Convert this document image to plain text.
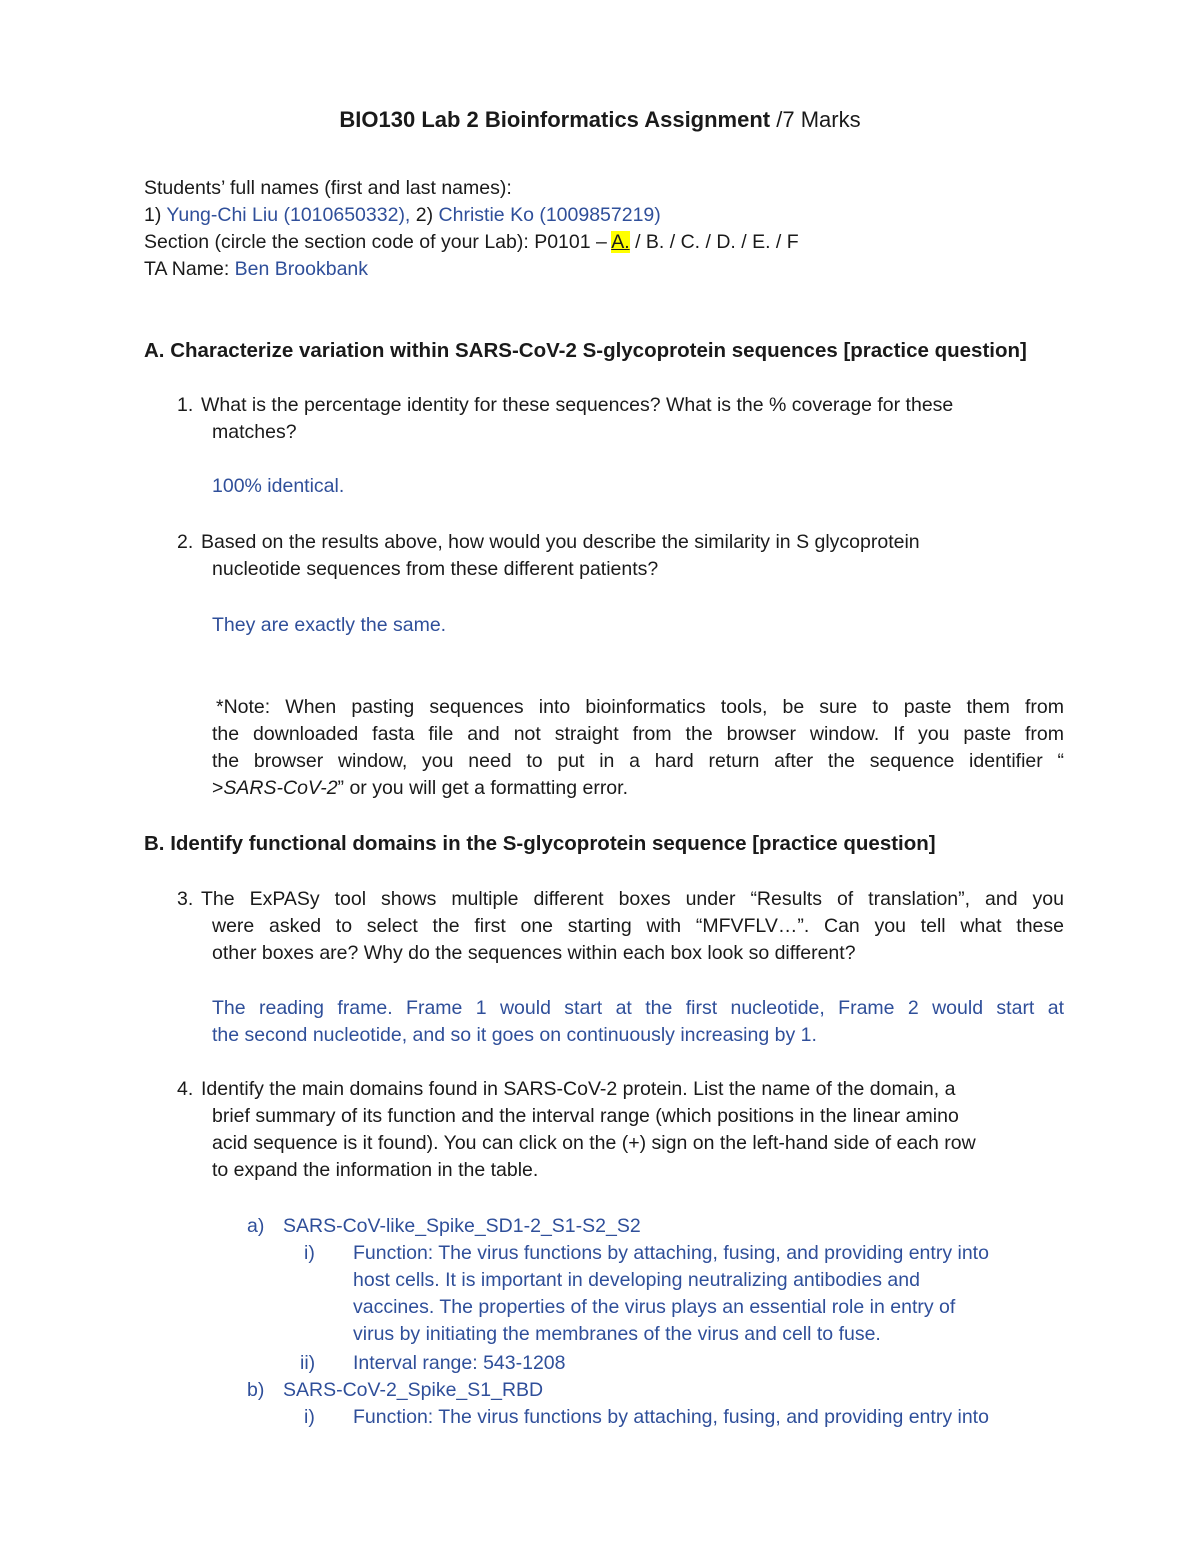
BIO130 Lab 2 Bioinformatics Assignment /7 Marks
Students’ full names (first and last names):
1) Yung-Chi Liu (1010650332), 2) Christie Ko (1009857219)
Section (circle the section code of your Lab): P0101 – A. / B. / C. / D. / E. / F
TA Name: Ben Brookbank
A. Characterize variation within SARS-CoV-2 S-glycoprotein sequences [practice question]
1. What is the percentage identity for these sequences? What is the % coverage for these
matches?
100% identical.
2. Based on the results above, how would you describe the similarity in S glycoprotein
nucleotide sequences from these different patients?
They are exactly the same.
*Note: When pasting sequences into bioinformatics tools, be sure to paste them from
the downloaded fasta file and not straight from the browser window. If you paste from
the browser window, you need to put in a hard return after the sequence identifier “
>SARS-CoV-2” or you will get a formatting error.
B. Identify functional domains in the S-glycoprotein sequence [practice question]
3. The ExPASy tool shows multiple different boxes under “Results of translation”, and you
were asked to select the first one starting with “MFVFLV…”. Can you tell what these
other boxes are? Why do the sequences within each box look so different?
The reading frame. Frame 1 would start at the first nucleotide, Frame 2 would start at
the second nucleotide, and so it goes on continuously increasing by 1.
4. Identify the main domains found in SARS-CoV-2 protein. List the name of the domain, a
brief summary of its function and the interval range (which positions in the linear amino
acid sequence is it found). You can click on the (+) sign on the left-hand side of each row
to expand the information in the table.
a) SARS-CoV-like_Spike_SD1-2_S1-S2_S2
i) Function: The virus functions by attaching, fusing, and providing entry into
host cells. It is important in developing neutralizing antibodies and
vaccines. The properties of the virus plays an essential role in entry of
virus by initiating the membranes of the virus and cell to fuse.
ii) Interval range: 543-1208
b) SARS-CoV-2_Spike_S1_RBD
i) Function: The virus functions by attaching, fusing, and providing entry into
